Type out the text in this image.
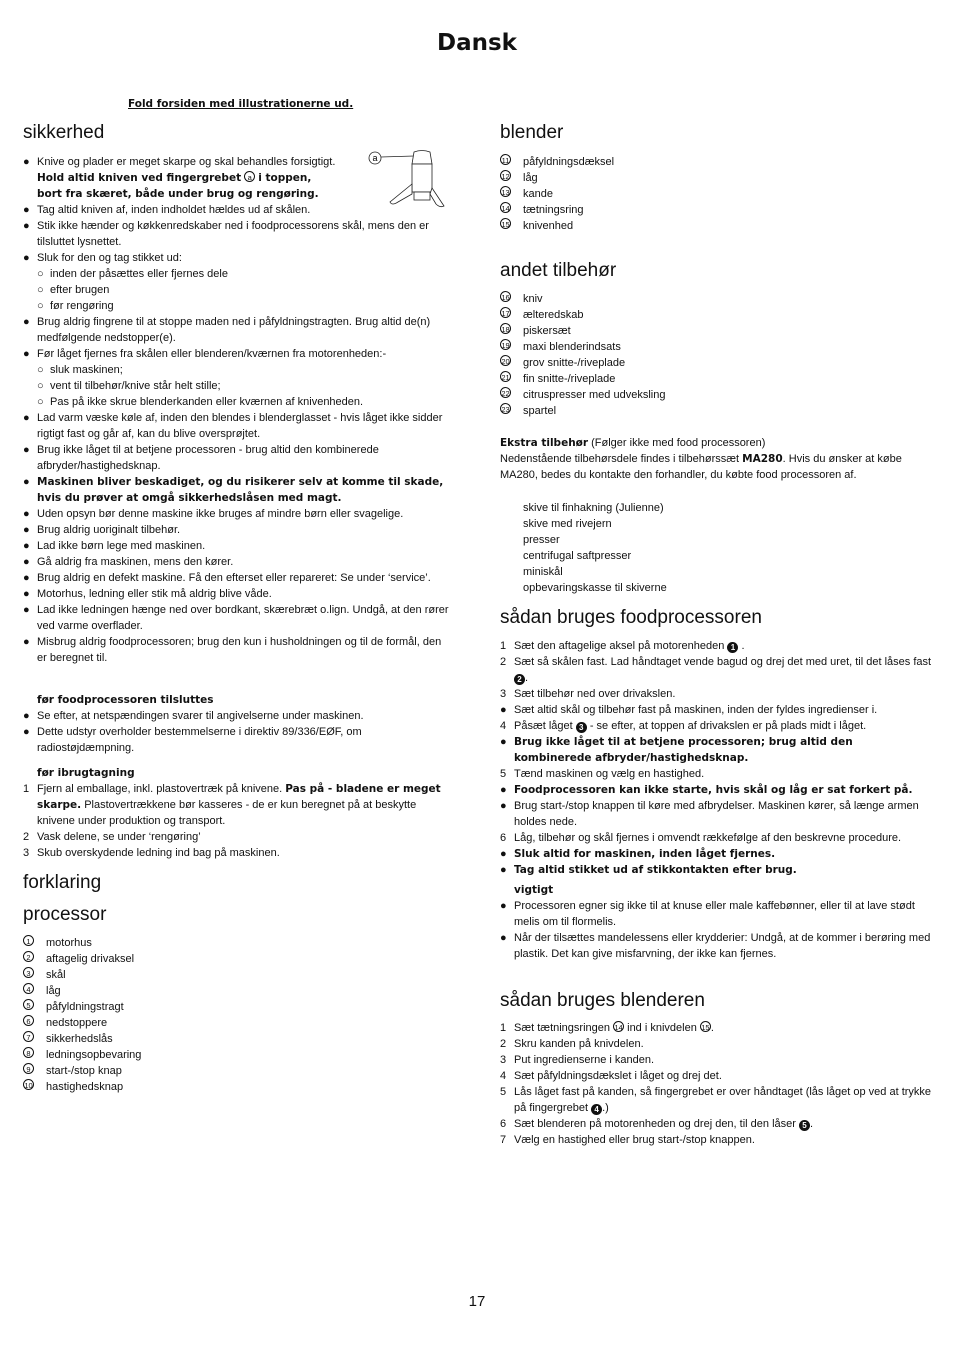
Dansk
Fold forsiden med illustrationerne ud.
a
sikkerhed
● Knive og plader er meget skarpe og skal behandles forsigtigt.
Hold altid kniven ved fingergrebet a i toppen,
bort fra skæret, både under brug og rengøring.
● Tag altid kniven af, inden indholdet hældes ud af skålen.
● Stik ikke hænder og køkkenredskaber ned i foodprocessorens skål, mens den er tilsluttet lysnettet.
● Sluk for den og tag stikket ud:
○ inden der påsættes eller fjernes dele
○ efter brugen
○ før rengøring
● Brug aldrig fingrene til at stoppe maden ned i påfyldningstragten. Brug altid de(n) medfølgende nedstopper(e).
● Før låget fjernes fra skålen eller blenderen/kværnen fra motorenheden:-
○ sluk maskinen;
○ vent til tilbehør/knive står helt stille;
○ Pas på ikke skrue blenderkanden eller kværnen af knivenheden.
● Lad varm væske køle af, inden den blendes i blenderglasset - hvis låget ikke sidder rigtigt fast og går af, kan du blive oversprøjtet.
● Brug ikke låget til at betjene processoren - brug altid den kombinerede afbryder/hastighedsknap.
● Maskinen bliver beskadiget, og du risikerer selv at komme til skade, hvis du prøver at omgå sikkerhedslåsen med magt.
● Uden opsyn bør denne maskine ikke bruges af mindre børn eller svagelige.
● Brug aldrig uoriginalt tilbehør.
● Lad ikke børn lege med maskinen.
● Gå aldrig fra maskinen, mens den kører.
● Brug aldrig en defekt maskine. Få den efterset eller repareret: Se under ‘service’.
● Motorhus, ledning eller stik må aldrig blive våde.
● Lad ikke ledningen hænge ned over bordkant, skærebræt o.lign. Undgå, at den rører ved varme overflader.
● Misbrug aldrig foodprocessoren; brug den kun i husholdningen og til de formål, den er beregnet til.
før foodprocessoren tilsluttes
● Se efter, at netspændingen svarer til angivelserne under maskinen.
● Dette udstyr overholder bestemmelserne i direktiv 89/336/EØF, om radiostøjdæmpning.
før ibrugtagning
1 Fjern al emballage, inkl. plastovertræk på knivene. Pas på - bladene er meget skarpe. Plastovertrækkene bør kasseres - de er kun beregnet på at beskytte knivene under produktion og transport.
2 Vask delene, se under ‘rengøring’
3 Skub overskydende ledning ind bag på maskinen.
forklaring
processor
1	motorhus
2	aftagelig drivaksel
3	skål
4	låg
5	påfyldningstragt
6	nedstoppere
7	sikkerhedslås
8	ledningsopbevaring
9	start-/stop knap
10	hastighedsknap
blender
11	påfyldningsdæksel
12	låg
13	kande
14	tætningsring
15	knivenhed
andet tilbehør
16	kniv
17	ælteredskab
18	piskersæt
19	maxi blenderindsats
20	grov snitte-/riveplade
21	fin snitte-/riveplade
22	citruspresser med udveksling
23	spartel
Ekstra tilbehør (Følger ikke med food processoren)
Nedenstående tilbehørsdele findes i tilbehørssæt MA280. Hvis du ønsker at købe MA280, bedes du kontakte den forhandler, du købte food processoren af.
skive til finhakning (Julienne)
skive med rivejern
presser
centrifugal saftpresser
miniskål
opbevaringskasse til skiverne
sådan bruges foodprocessoren
1 Sæt den aftagelige aksel på motorenheden 1 .
2 Sæt så skålen fast. Lad håndtaget vende bagud og drej det med uret, til det låses fast 2 .
3 Sæt tilbehør ned over drivakslen.
● Sæt altid skål og tilbehør fast på maskinen, inden der fyldes ingredienser i.
4 Påsæt låget 3 - se efter, at toppen af drivakslen er på plads midt i låget.
● Brug ikke låget til at betjene processoren; brug altid den kombinerede afbryder/hastighedsknap.
5 Tænd maskinen og vælg en hastighed.
● Foodprocessoren kan ikke starte, hvis skål og låg er sat forkert på.
● Brug start-/stop knappen til køre med afbrydelser. Maskinen kører, så længe armen holdes nede.
6 Låg, tilbehør og skål fjernes i omvendt rækkefølge af den beskrevne procedure.
● Sluk altid for maskinen, inden låget fjernes.
● Tag altid stikket ud af stikkontakten efter brug.
vigtigt
● Processoren egner sig ikke til at knuse eller male kaffebønner, eller til at lave stødt melis om til flormelis.
● Når der tilsættes mandelessens eller krydderier: Undgå, at de kommer i berøring med plastik. Det kan give misfarvning, der ikke kan fjernes.
sådan bruges blenderen
1 Sæt tætningsringen 14 ind i knivdelen 15.
2 Skru kanden på knivdelen.
3 Put ingredienserne i kanden.
4 Sæt påfyldningsdækslet i låget og drej det.
5 Lås låget fast på kanden, så fingergrebet er over håndtaget (lås låget op ved at trykke på fingergrebet 4 .)
6 Sæt blenderen på motorenheden og drej den, til den låser 5 .
7 Vælg en hastighed eller brug start-/stop knappen.
17
